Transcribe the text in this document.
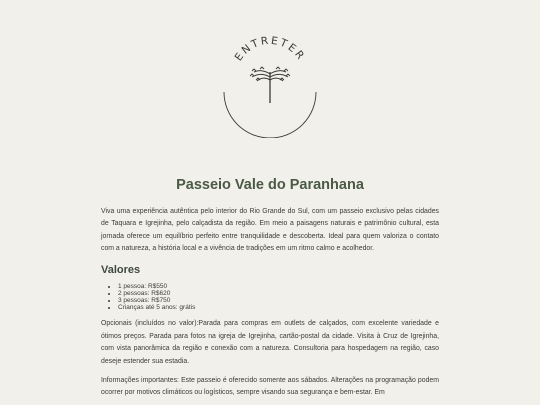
ENTRETER
Passeio Vale do Paranhana

Viva uma experiência autêntica pelo interior do Rio Grande do Sul, com um passeio exclusivo pelas cidades de Taquara e Igrejinha, pelo calçadista da região. Em meio a paisagens naturais e patrimônio cultural, esta jornada oferece um equilíbrio perfeito entre tranquilidade e descoberta. Ideal para quem valoriza o contato com a natureza, a história local e a vivência de tradições em um ritmo calmo e acolhedor.

Valores
• 1 pessoa: R$550
• 2 pessoas: R$620
• 3 pessoas: R$750
• Crianças até 5 anos: grátis

Opcionais (incluídos no valor):Parada para compras em outlets de calçados, com excelente variedade e ótimos preços. Parada para fotos na igreja de Igrejinha, cartão-postal da cidade. Visita à Cruz de Igrejinha, com vista panorâmica da região e conexão com a natureza. Consultoria para hospedagem na região, caso deseje estender sua estadia.

Informações importantes: Este passeio é oferecido somente aos sábados. Alterações na programação podem ocorrer por motivos climáticos ou logísticos, sempre visando sua segurança e bem-estar. Em
